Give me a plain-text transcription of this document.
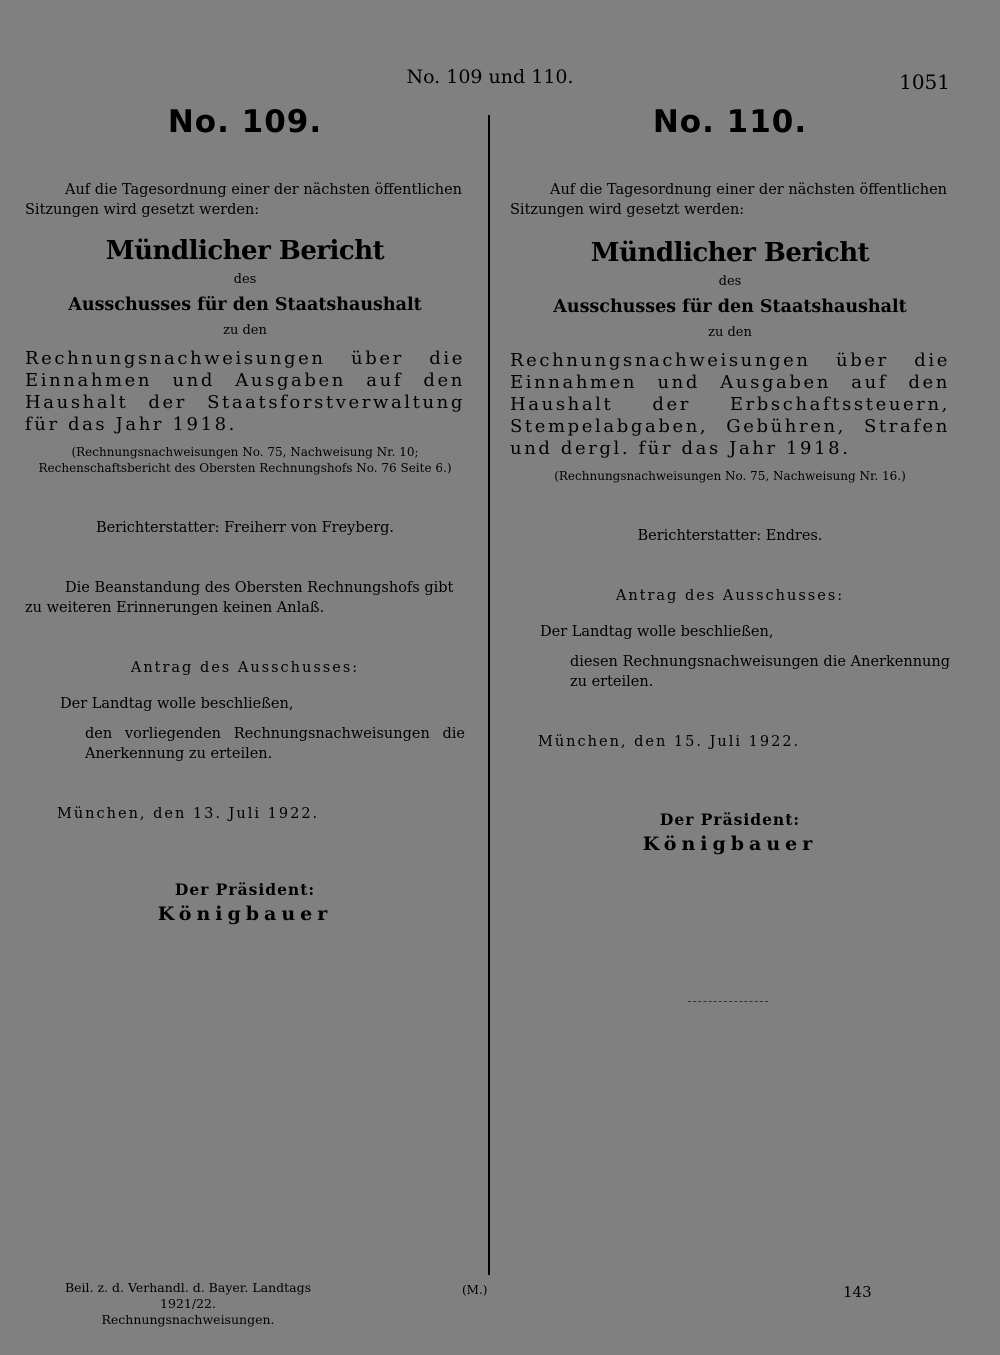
No. 109 und 110.	1051
No. 109.
Auf die Tagesordnung einer der nächsten öffentlichen Sitzungen wird gesetzt werden:
Mündlicher Bericht
des
Ausschusses für den Staatshaushalt
zu den
Rechnungsnachweisungen über die Einnahmen und Ausgaben auf den Haushalt der Staatsforstverwaltung für das Jahr 1918.
(Rechnungsnachweisungen No. 75, Nachweisung Nr. 10; Rechenschaftsbericht des Obersten Rechnungshofs No. 76 Seite 6.)
Berichterstatter: Freiherr von Freyberg.
Die Beanstandung des Obersten Rechnungshofs gibt zu weiteren Erinnerungen keinen Anlaß.
Antrag des Ausschusses:
Der Landtag wolle beschließen,
den vorliegenden Rechnungsnachweisungen die Anerkennung zu erteilen.
München, den 13. Juli 1922.
Der Präsident:
Königbauer
No. 110.
Auf die Tagesordnung einer der nächsten öffentlichen Sitzungen wird gesetzt werden:
Mündlicher Bericht
des
Ausschusses für den Staatshaushalt
zu den
Rechnungsnachweisungen über die Einnahmen und Ausgaben auf den Haushalt der Erbschaftssteuern, Stempelabgaben, Gebühren, Strafen und dergl. für das Jahr 1918.
(Rechnungsnachweisungen No. 75, Nachweisung Nr. 16.)
Berichterstatter: Endres.
Antrag des Ausschusses:
Der Landtag wolle beschließen,
diesen Rechnungsnachweisungen die Anerkennung zu erteilen.
München, den 15. Juli 1922.
Der Präsident:
Königbauer
Beil. z. d. Verhandl. d. Bayer. Landtags 1921/22.
Rechnungsnachweisungen.
(M.)	143
